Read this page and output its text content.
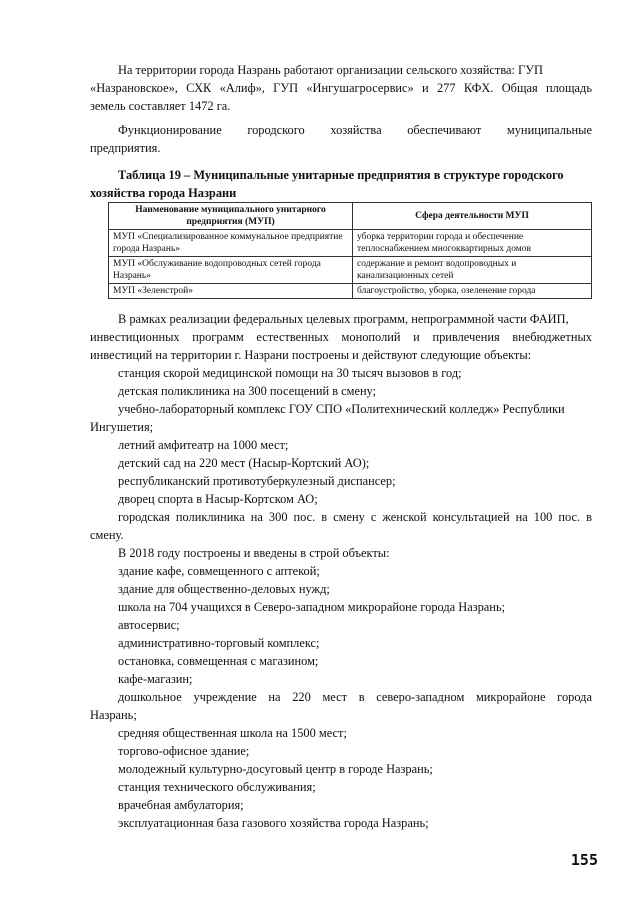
На территории города Назрань работают организации сельского хозяйства: ГУП
«Назрановское», СХК «Алиф», ГУП «Ингушагросервис» и 277 КФХ. Общая площадь
земель составляет 1472 га.
Функционирование городского хозяйства обеспечивают муниципальные
предприятия.
Таблица 19 – Муниципальные унитарные предприятия в структуре городского
хозяйства города Назрани
Наименование муниципального унитарного предприятия (МУП)	Сфера деятельности МУП
МУП «Специализированное коммунальное предприятие города Назрань»	уборка территории города и обеспечение теплоснабжением многоквартирных домов
МУП «Обслуживание водопроводных сетей города Назрань»	содержание и ремонт водопроводных и канализационных сетей
МУП «Зеленстрой»	благоустройство, уборка, озеленение города
В рамках реализации федеральных целевых программ, непрограммной части ФАИП,
инвестиционных программ естественных монополий и привлечения внебюджетных
инвестиций на территории г. Назрани построены и действуют следующие объекты:
станция скорой медицинской помощи на 30 тысяч вызовов в год;
детская поликлиника на 300 посещений в смену;
учебно-лабораторный комплекс ГОУ СПО «Политехнический колледж» Республики
Ингушетия;
летний амфитеатр на 1000 мест;
детский сад на 220 мест (Насыр-Кортский АО);
республиканский противотуберкулезный диспансер;
дворец спорта в Насыр-Кортском АО;
городская поликлиника на 300 пос. в смену с женской консультацией на 100 пос. в
смену.
В 2018 году построены и введены в строй объекты:
здание кафе, совмещенного с аптекой;
здание для общественно-деловых нужд;
школа на 704 учащихся в Северо-западном микрорайоне города Назрань;
автосервис;
административно-торговый комплекс;
остановка, совмещенная с магазином;
кафе-магазин;
дошкольное учреждение на 220 мест в северо-западном микрорайоне города
Назрань;
средняя общественная школа на 1500 мест;
торгово-офисное здание;
молодежный культурно-досуговый центр в городе Назрань;
станция технического обслуживания;
врачебная амбулатория;
эксплуатационная база газового хозяйства города Назрань;
155
